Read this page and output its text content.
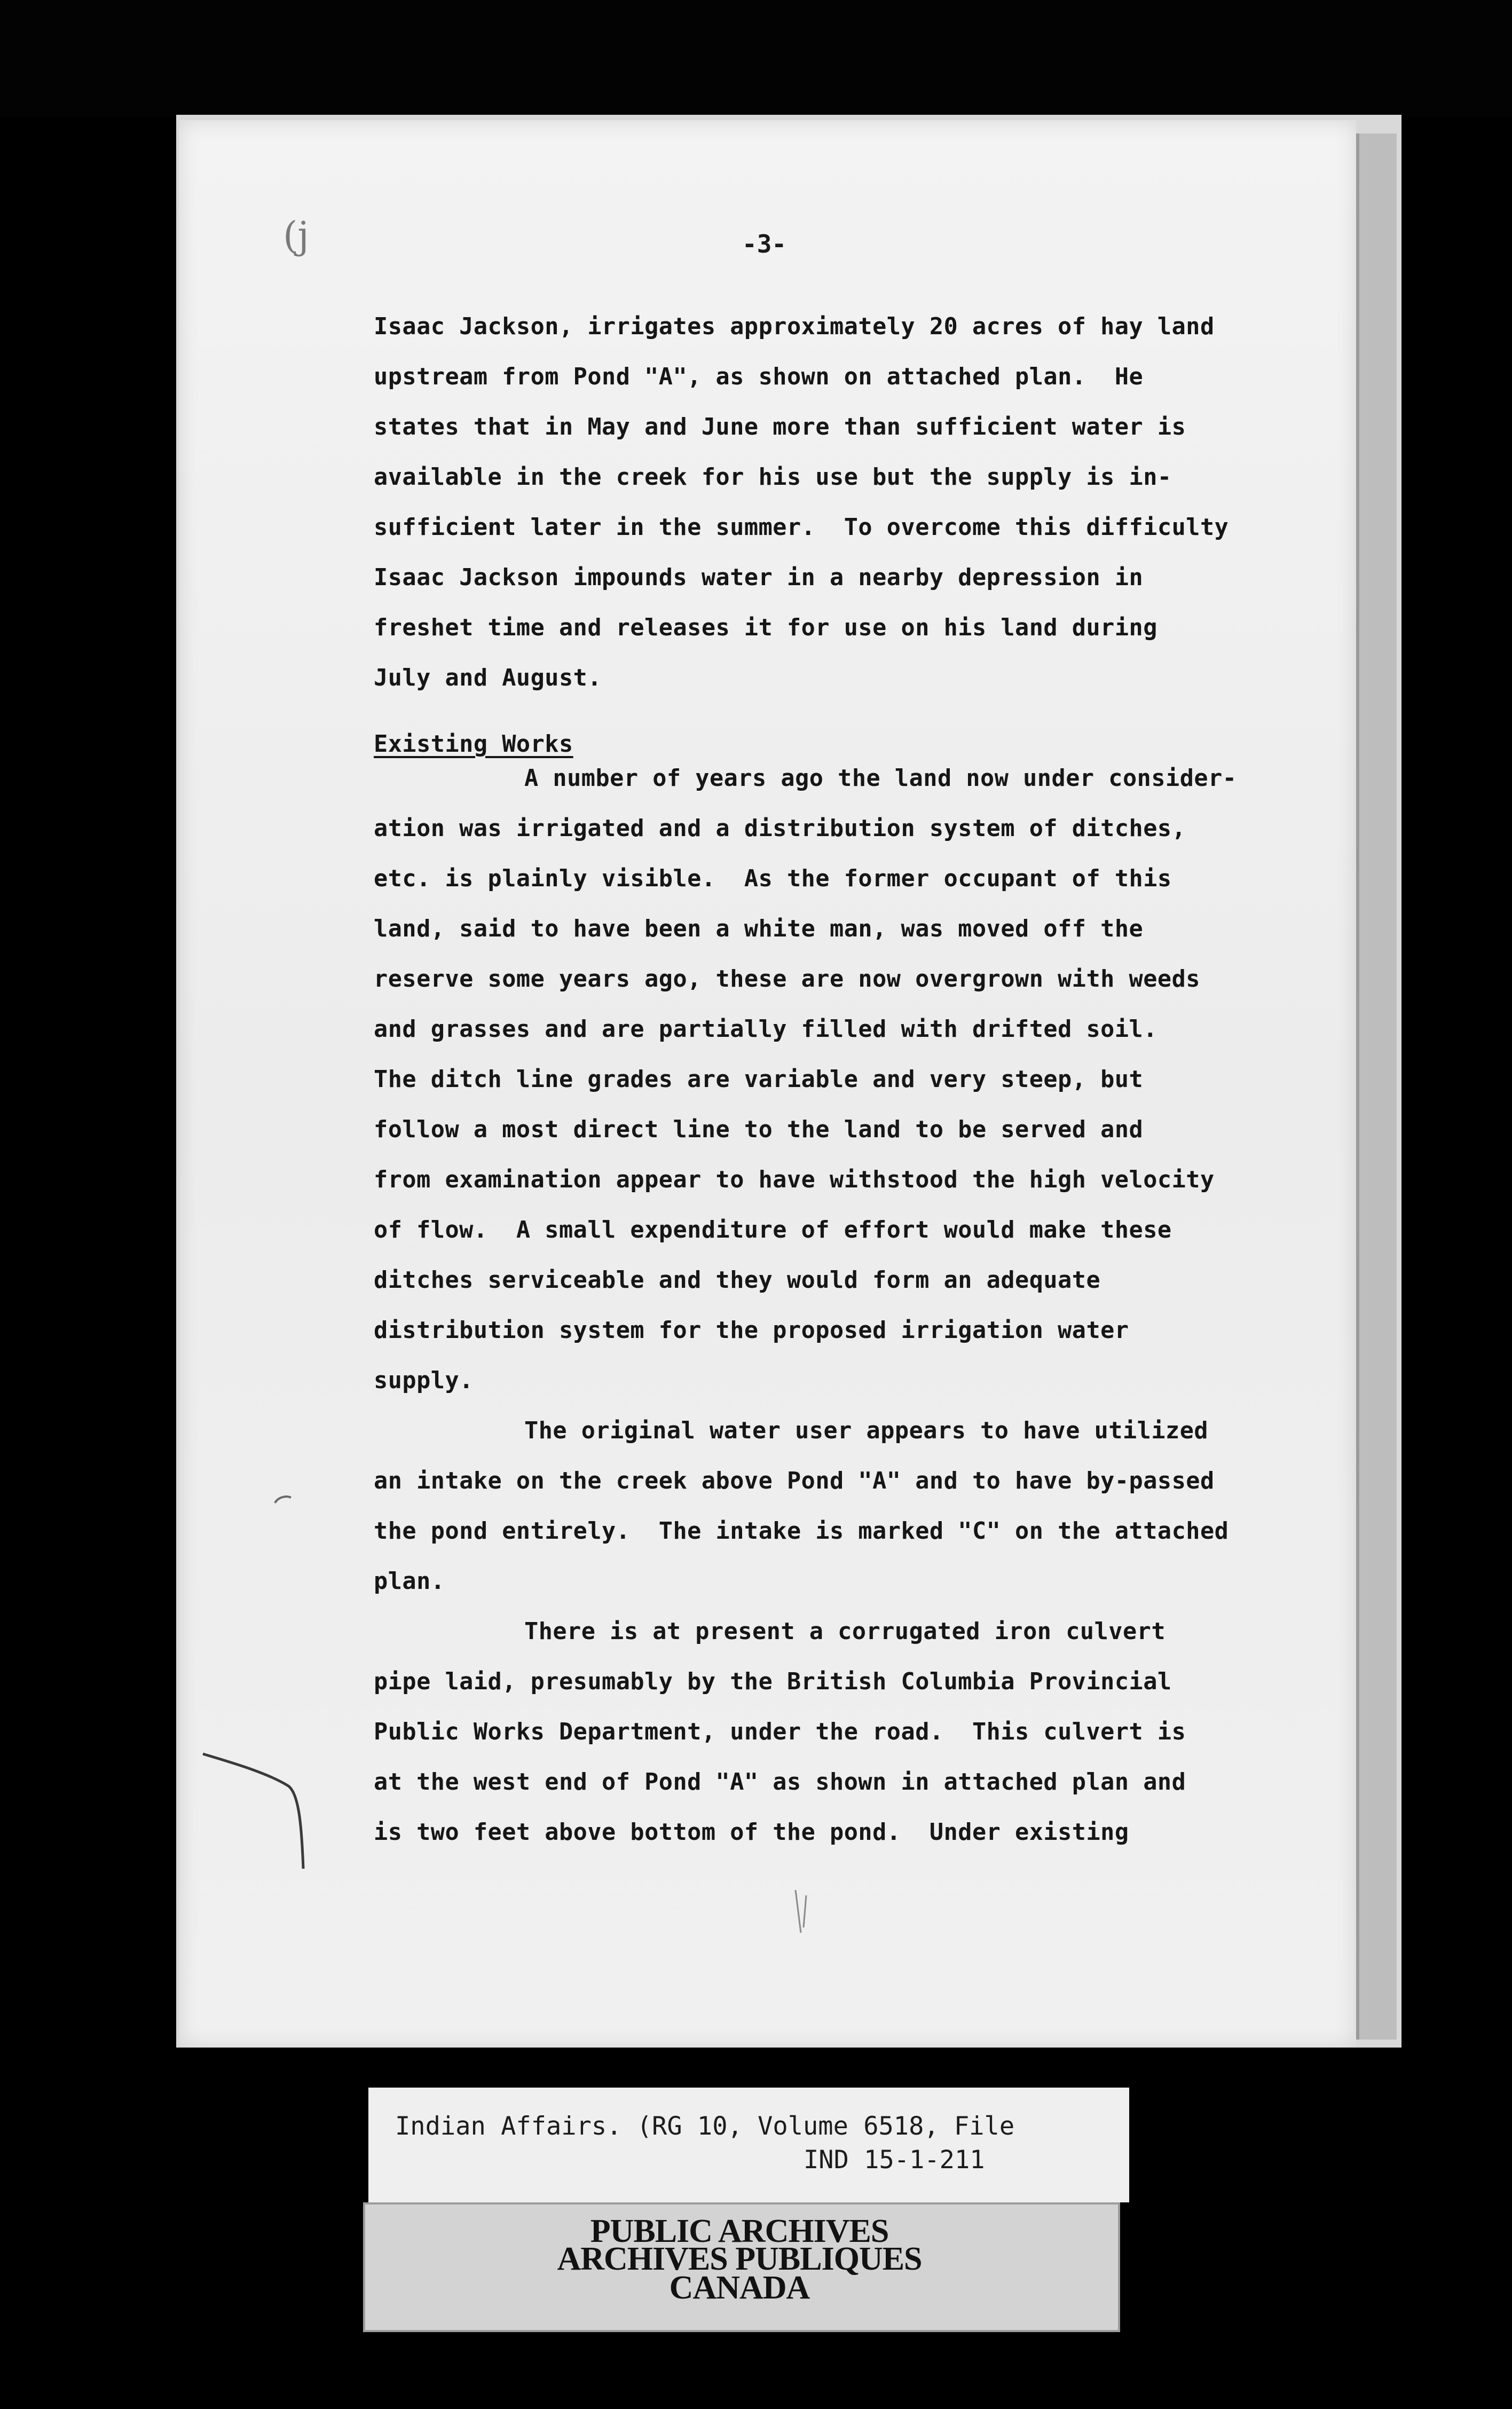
(j	-3-
Isaac Jackson, irrigates approximately 20 acres of hay land
upstream from Pond "A", as shown on attached plan.  He
states that in May and June more than sufficient water is
available in the creek for his use but the supply is in-
sufficient later in the summer.  To overcome this difficulty
Isaac Jackson impounds water in a nearby depression in
freshet time and releases it for use on his land during
July and August.
Existing Works
A number of years ago the land now under consider-
ation was irrigated and a distribution system of ditches,
etc. is plainly visible.  As the former occupant of this
land, said to have been a white man, was moved off the
reserve some years ago, these are now overgrown with weeds
and grasses and are partially filled with drifted soil.
The ditch line grades are variable and very steep, but
follow a most direct line to the land to be served and
from examination appear to have withstood the high velocity
of flow.  A small expenditure of effort would make these
ditches serviceable and they would form an adequate
distribution system for the proposed irrigation water
supply.
The original water user appears to have utilized
an intake on the creek above Pond "A" and to have by-passed
the pond entirely.  The intake is marked "C" on the attached
plan.
There is at present a corrugated iron culvert
pipe laid, presumably by the British Columbia Provincial
Public Works Department, under the road.  This culvert is
at the west end of Pond "A" as shown in attached plan and
is two feet above bottom of the pond.  Under existing
Indian Affairs. (RG 10, Volume 6518, File
IND 15-1-211
PUBLIC ARCHIVES
ARCHIVES PUBLIQUES
CANADA
